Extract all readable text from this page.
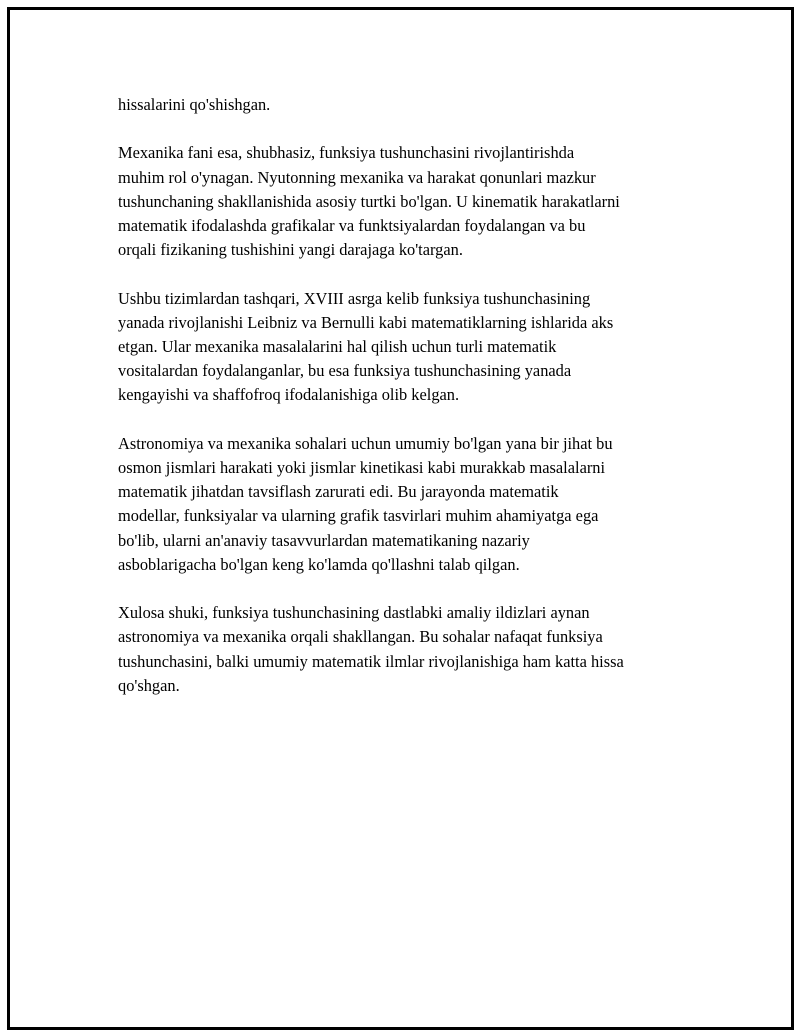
hissalarini qo'shishgan.

Mexanika fani esa, shubhasiz, funksiya tushunchasini rivojlantirishda
muhim rol o'ynagan. Nyutonning mexanika va harakat qonunlari mazkur
tushunchaning shakllanishida asosiy turtki bo'lgan. U kinematik harakatlarni
matematik ifodalashda grafikalar va funktsiyalardan foydalangan va bu
orqali fizikaning tushishini yangi darajaga ko'targan.

Ushbu tizimlardan tashqari, XVIII asrga kelib funksiya tushunchasining
yanada rivojlanishi Leibniz va Bernulli kabi matematiklarning ishlarida aks
etgan. Ular mexanika masalalarini hal qilish uchun turli matematik
vositalardan foydalanganlar, bu esa funksiya tushunchasining yanada
kengayishi va shaffofroq ifodalanishiga olib kelgan.

Astronomiya va mexanika sohalari uchun umumiy bo'lgan yana bir jihat bu
osmon jismlari harakati yoki jismlar kinetikasi kabi murakkab masalalarni
matematik jihatdan tavsiflash zarurati edi. Bu jarayonda matematik
modellar, funksiyalar va ularning grafik tasvirlari muhim ahamiyatga ega
bo'lib, ularni an'anaviy tasavvurlardan matematikaning nazariy
asboblarigacha bo'lgan keng ko'lamda qo'llashni talab qilgan.

Xulosa shuki, funksiya tushunchasining dastlabki amaliy ildizlari aynan
astronomiya va mexanika orqali shakllangan. Bu sohalar nafaqat funksiya
tushunchasini, balki umumiy matematik ilmlar rivojlanishiga ham katta hissa
qo'shgan.
